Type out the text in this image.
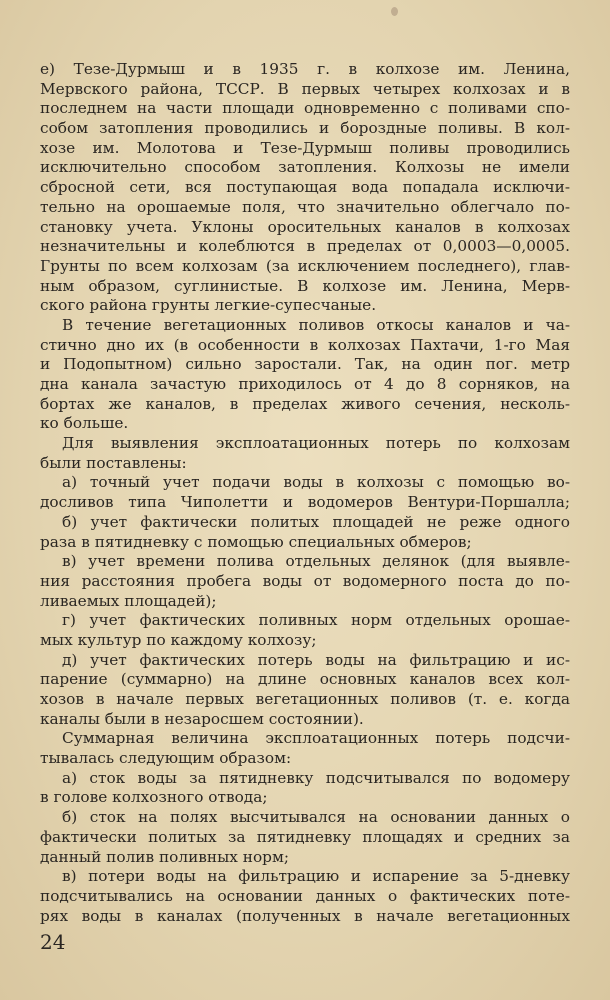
е) Тезе-Дурмыш и в 1935 г. в колхозе им. Ленина,
Мервского района, ТССР. В первых четырех колхозах и в
последнем на части площади одновременно с поливами спо-
собом затопления проводились и бороздные поливы. В кол-
хозе им. Молотова и Тезе-Дурмыш поливы проводились
исключительно способом затопления. Колхозы не имели
сбросной сети, вся поступающая вода попадала исключи-
тельно на орошаемые поля, что значительно облегчало по-
становку учета. Уклоны оросительных каналов в колхозах
незначительны и колеблются в пределах от 0,0003—0,0005.
Грунты по всем колхозам (за исключением последнего), глав-
ным образом, суглинистые. В колхозе им. Ленина, Мерв-
ского района грунты легкие-супесчаные.
В течение вегетационных поливов откосы каналов и ча-
стично дно их (в особенности в колхозах Пахтачи, 1-го Мая
и Подопытном) сильно заростали. Так, на один пог. метр
дна канала зачастую приходилось от 4 до 8 сорняков, на
бортах же каналов, в пределах живого сечения, несколь-
ко больше.
Для выявления эксплоатационных потерь по колхозам
были поставлены:
а) точный учет подачи воды в колхозы с помощью во-
досливов типа Чиполетти и водомеров Вентури-Поршалла;
б) учет фактически политых площадей не реже одного
раза в пятидневку с помощью специальных обмеров;
в) учет времени полива отдельных делянок (для выявле-
ния расстояния пробега воды от водомерного поста до по-
ливаемых площадей);
г) учет фактических поливных норм отдельных орошае-
мых культур по каждому колхозу;
д) учет фактических потерь воды на фильтрацию и ис-
парение (суммарно) на длине основных каналов всех кол-
хозов в начале первых вегетационных поливов (т. е. когда
каналы были в незаросшем состоянии).
Суммарная величина эксплоатационных потерь подсчи-
тывалась следующим образом:
а) сток воды за пятидневку подсчитывался по водомеру
в голове колхозного отвода;
б) сток на полях высчитывался на основании данных о
фактически политых за пятидневку площадях и средних за
данный полив поливных норм;
в) потери воды на фильтрацию и испарение за 5-дневку
подсчитывались на основании данных о фактических поте-
рях воды в каналах (полученных в начале вегетационных
24
